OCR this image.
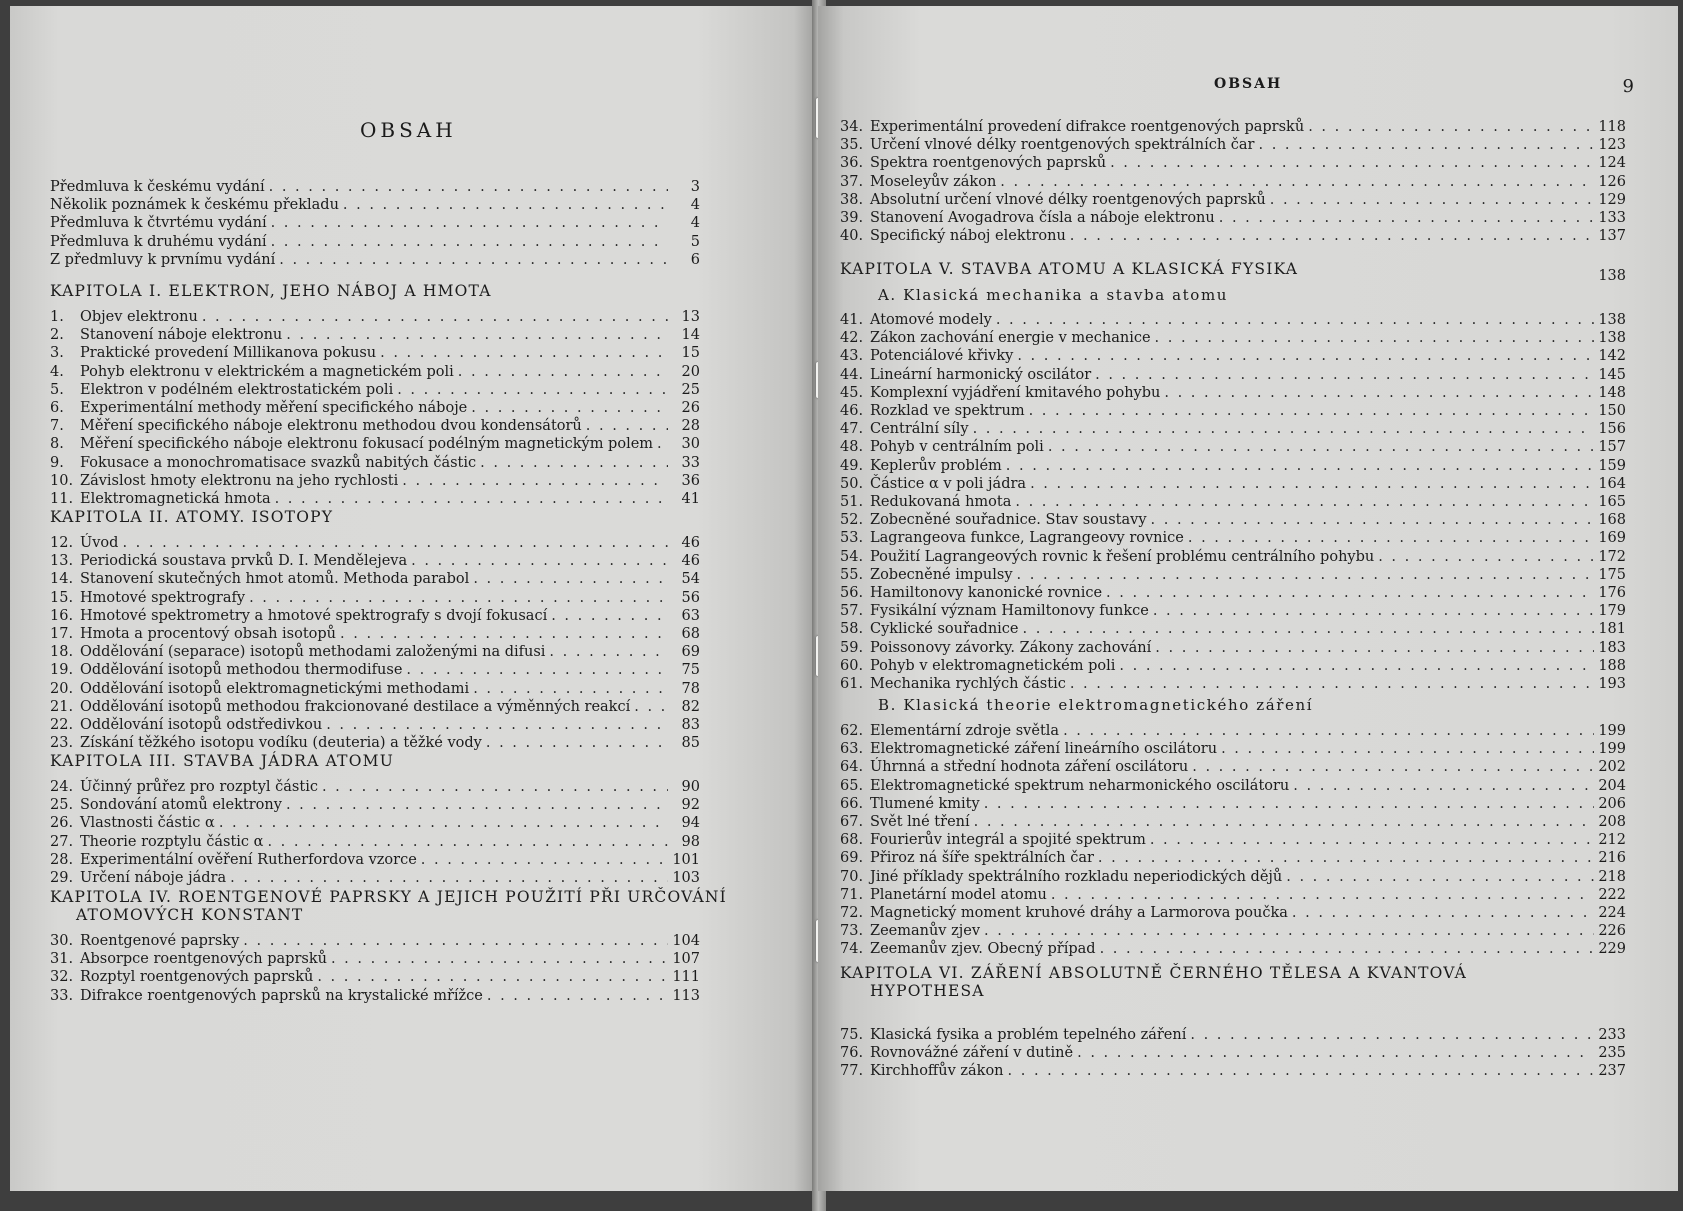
OBSAH
Předmluva k českému vydání . . .	3
Několik poznámek k českému překladu . . .	4
Předmluva k čtvrtému vydání . . .	4
Předmluva k druhému vydání . . .	5
Z předmluvy k prvnímu vydání . . .	6
KAPITOLA I. ELEKTRON, JEHO NÁBOJ A HMOTA
1.	Objev elektronu . . .	13
2.	Stanovení náboje elektronu . . .	14
3.	Praktické provedení Millikanova pokusu . . .	15
4.	Pohyb elektronu v elektrickém a magnetickém poli . . .	20
5.	Elektron v podélném elektrostatickém poli . . .	25
6.	Experimentální methody měření specifického náboje . . .	26
7.	Měření specifického náboje elektronu methodou dvou kondensátorů . . .	28
8.	Měření specifického náboje elektronu fokusací podélným magnetickým polem . . .	30
9.	Fokusace a monochromatisace svazků nabitých částic . . .	33
10. Závislost hmoty elektronu na jeho rychlosti . . .	36
11. Elektromagnetická hmota . . .	41
KAPITOLA II. ATOMY. ISOTOPY
12. Úvod . . .	46
13. Periodická soustava prvků D. I. Mendělejeva . . .	46
14. Stanovení skutečných hmot atomů. Methoda parabol . . .	54
15. Hmotové spektrografy . . .	56
16. Hmotové spektrometry a hmotové spektrografy s dvojí fokusací . . .	63
17. Hmota a procentový obsah isotopů . . .	68
18. Oddělování (separace) isotopů methodami založenými na difusi . . .	69
19. Oddělování isotopů methodou thermodifuse . . .	75
20. Oddělování isotopů elektromagnetickými methodami . . .	78
21. Oddělování isotopů methodou frakcionované destilace a výměnných reakcí . . .	82
22. Oddělování isotopů odstředivkou . . .	83
23. Získání těžkého isotopu vodíku (deuteria) a těžké vody . . .	85
KAPITOLA III. STAVBA JÁDRA ATOMU
24. Účinný průřez pro rozptyl částic . . .	90
25. Sondování atomů elektrony . . .	92
26. Vlastnosti částic α . . .	94
27. Theorie rozptylu částic α . . .	98
28. Experimentální ověření Rutherfordova vzorce . . .	101
29. Určení náboje jádra . . .	103
KAPITOLA IV. ROENTGENOVÉ PAPRSKY A JEJICH POUŽITÍ PŘI URČOVÁNÍ
ATOMOVÝCH KONSTANT
30. Roentgenové paprsky . . .	104
31. Absorpce roentgenových paprsků . . .	107
32. Rozptyl roentgenových paprsků . . .	111
33. Difrakce roentgenových paprsků na krystalické mřížce . . .	113
OBSAH	9
34. Experimentální provedení difrakce roentgenových paprsků . . .	118
35. Určení vlnové délky roentgenových spektrálních čar . . .	123
36. Spektra roentgenových paprsků . . .	124
37. Moseleyův zákon . . .	126
38. Absolutní určení vlnové délky roentgenových paprsků . . .	129
39. Stanovení Avogadrova čísla a náboje elektronu . . .	133
40. Specifický náboj elektronu . . .	137
KAPITOLA V. STAVBA ATOMU A KLASICKÁ FYSIKA	138
A. Klasická mechanika a stavba atomu
41. Atomové modely . . .	138
42. Zákon zachování energie v mechanice . . .	138
43. Potenciálové křivky . . .	142
44. Lineární harmonický oscilátor . . .	145
45. Komplexní vyjádření kmitavého pohybu . . .	148
46. Rozklad ve spektrum . . .	150
47. Centrální síly . . .	156
48. Pohyb v centrálním poli . . .	157
49. Keplerův problém . . .	159
50. Částice α v poli jádra . . .	164
51. Redukovaná hmota . . .	165
52. Zobecněné souřadnice. Stav soustavy . . .	168
53. Lagrangeova funkce, Lagrangeovy rovnice . . .	169
54. Použití Lagrangeových rovnic k řešení problému centrálního pohybu . . .	172
55. Zobecněné impulsy . . .	175
56. Hamiltonovy kanonické rovnice . . .	176
57. Fysikální význam Hamiltonovy funkce . . .	179
58. Cyklické souřadnice . . .	181
59. Poissonovy závorky. Zákony zachování . . .	183
60. Pohyb v elektromagnetickém poli . . .	188
61. Mechanika rychlých částic . . .	193
B. Klasická theorie elektromagnetického záření
62. Elementární zdroje světla . . .	199
63. Elektromagnetické záření lineárního oscilátoru . . .	199
64. Úhrnná a střední hodnota záření oscilátoru . . .	202
65. Elektromagnetické spektrum neharmonického oscilátoru . . .	204
66. Tlumené kmity . . .	206
67. Svět lné tření . . .	208
68. Fourierův integrál a spojité spektrum . . .	212
69. Přiroz ná šíře spektrálních čar . . .	216
70. Jiné příklady spektrálního rozkladu neperiodických dějů . . .	218
71. Planetární model atomu . . .	222
72. Magnetický moment kruhové dráhy a Larmorova poučka . . .	224
73. Zeemanův zjev . . .	226
74. Zeemanův zjev. Obecný případ . . .	229
KAPITOLA VI. ZÁŘENÍ ABSOLUTNĚ ČERNÉHO TĚLESA A KVANTOVÁ
HYPOTHESA
75. Klasická fysika a problém tepelného záření . . .	233
76. Rovnovážné záření v dutině . . .	235
77. Kirchhoffův zákon . . .	237
